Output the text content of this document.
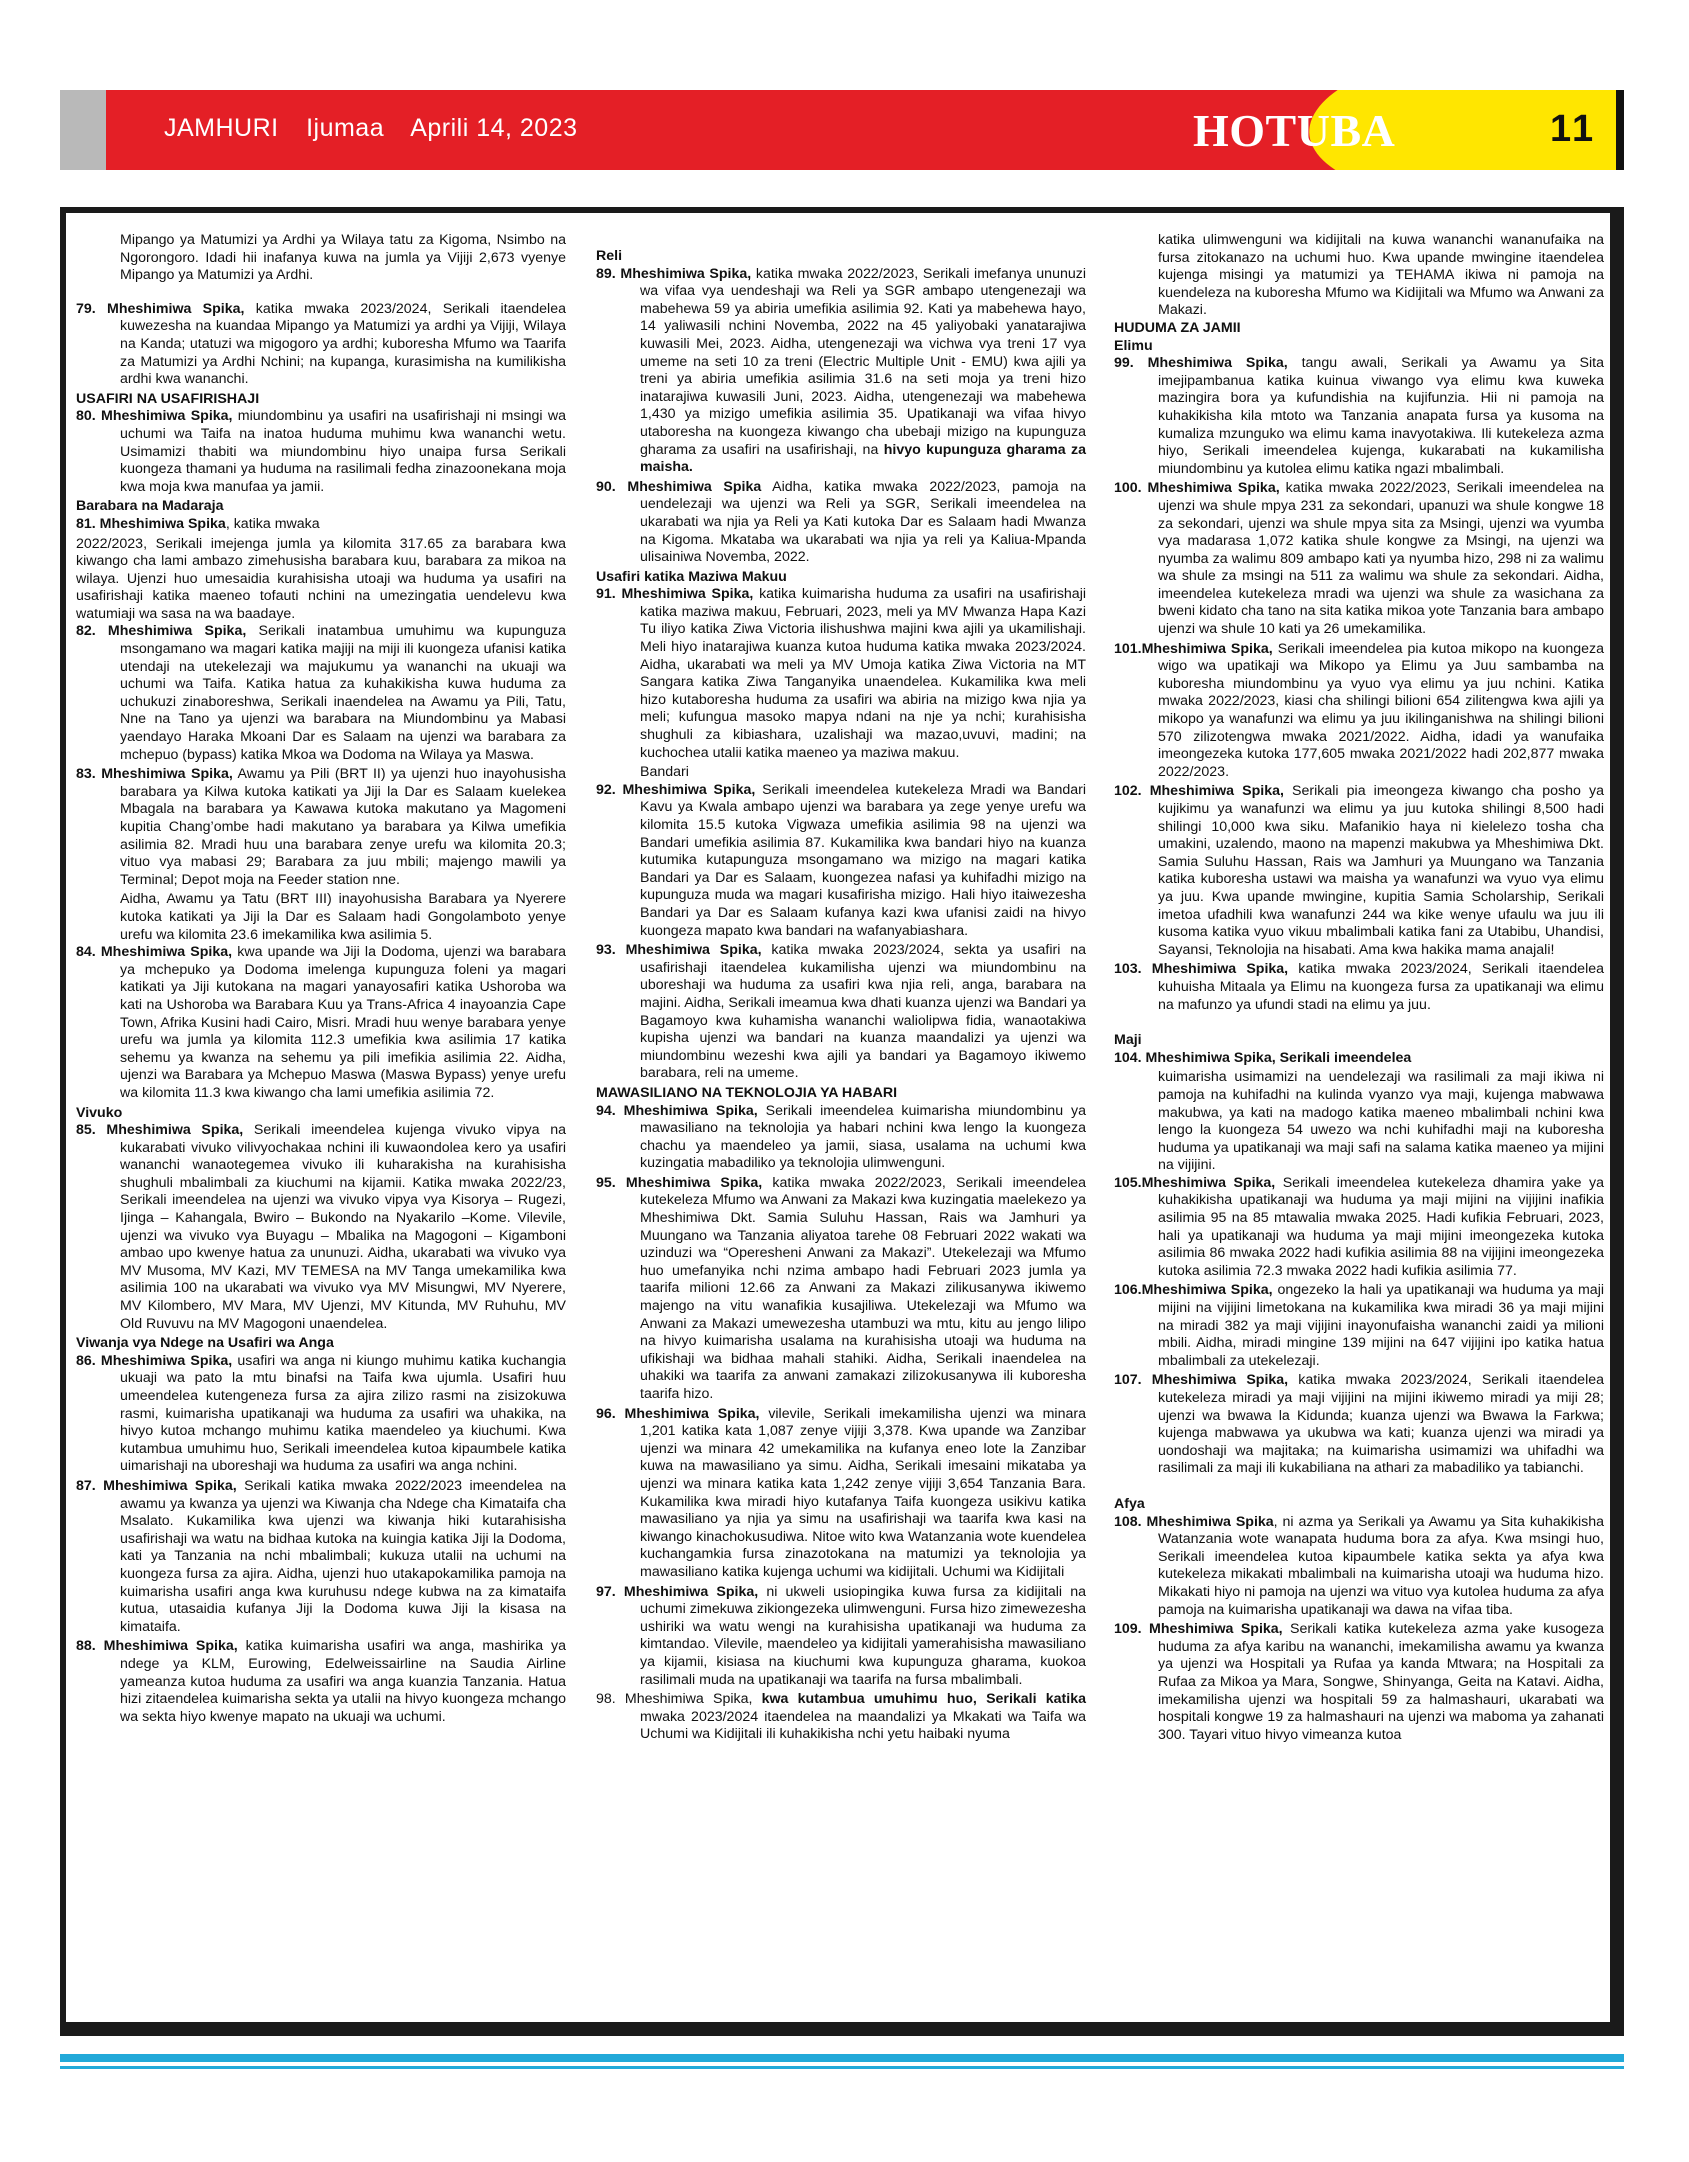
JAMHURI Ijumaa Aprili 14, 2023	HOTUBA	11

Mipango ya Matumizi ya Ardhi ya Wilaya tatu za Kigoma, Nsimbo na Ngorongoro. Idadi hii inafanya kuwa na jumla ya Vijiji 2,673 vyenye Mipango ya Matumizi ya Ardhi.

79. Mheshimiwa Spika, katika mwaka 2023/2024, Serikali itaendelea kuwezesha na kuandaa Mipango ya Matumizi ya ardhi ya Vijiji, Wilaya na Kanda; utatuzi wa migogoro ya ardhi; kuboresha Mfumo wa Taarifa za Matumizi ya Ardhi Nchini; na kupanga, kurasimisha na kumilikisha ardhi kwa wananchi.

USAFIRI NA USAFIRISHAJI

80. Mheshimiwa Spika, miundombinu ya usafiri na usafirishaji ni msingi wa uchumi wa Taifa na inatoa huduma muhimu kwa wananchi wetu. Usimamizi thabiti wa miundombinu hiyo unaipa fursa Serikali kuongeza thamani ya huduma na rasilimali fedha zinazoonekana moja kwa moja kwa manufaa ya jamii.

Barabara na Madaraja

81. Mheshimiwa Spika, katika mwaka

2022/2023, Serikali imejenga jumla ya kilomita 317.65 za barabara kwa kiwango cha lami ambazo zimehusisha barabara kuu, barabara za mikoa na wilaya. Ujenzi huo umesaidia kurahisisha utoaji wa huduma ya usafiri na usafirishaji katika maeneo tofauti nchini na umezingatia uendelevu kwa watumiaji wa sasa na wa baadaye.

82. Mheshimiwa Spika, Serikali inatambua umuhimu wa kupunguza msongamano wa magari katika majiji na miji ili kuongeza ufanisi katika utendaji na utekelezaji wa majukumu ya wananchi na ukuaji wa uchumi wa Taifa. Katika hatua za kuhakikisha kuwa huduma za uchukuzi zinaboreshwa, Serikali inaendelea na Awamu ya Pili, Tatu, Nne na Tano ya ujenzi wa barabara na Miundombinu ya Mabasi yaendayo Haraka Mkoani Dar es Salaam na ujenzi wa barabara za mchepuo (bypass) katika Mkoa wa Dodoma na Wilaya ya Maswa.

83. Mheshimiwa Spika, Awamu ya Pili (BRT II) ya ujenzi huo inayohusisha barabara ya Kilwa kutoka katikati ya Jiji la Dar es Salaam kuelekea Mbagala na barabara ya Kawawa kutoka makutano ya Magomeni kupitia Chang’ombe hadi makutano ya barabara ya Kilwa umefikia asilimia 82. Mradi huu una barabara zenye urefu wa kilomita 20.3; vituo vya mabasi 29; Barabara za juu mbili; majengo mawili ya Terminal; Depot moja na Feeder station nne.

Aidha, Awamu ya Tatu (BRT III) inayohusisha Barabara ya Nyerere kutoka katikati ya Jiji la Dar es Salaam hadi Gongolamboto yenye urefu wa kilomita 23.6 imekamilika kwa asilimia 5.

84. Mheshimiwa Spika, kwa upande wa Jiji la Dodoma, ujenzi wa barabara ya mchepuko ya Dodoma imelenga kupunguza foleni ya magari katikati ya Jiji kutokana na magari yanayosafiri katika Ushoroba wa kati na Ushoroba wa Barabara Kuu ya Trans-Africa 4 inayoanzia Cape Town, Afrika Kusini hadi Cairo, Misri. Mradi huu wenye barabara yenye urefu wa jumla ya kilomita 112.3 umefikia kwa asilimia 17 katika sehemu ya kwanza na sehemu ya pili imefikia asilimia 22. Aidha, ujenzi wa Barabara ya Mchepuo Maswa (Maswa Bypass) yenye urefu wa kilomita 11.3 kwa kiwango cha lami umefikia asilimia 72.

Vivuko

85. Mheshimiwa Spika, Serikali imeendelea kujenga vivuko vipya na kukarabati vivuko vilivyochakaa nchini ili kuwaondolea kero ya usafiri wananchi wanaotegemea vivuko ili kuharakisha na kurahisisha shughuli mbalimbali za kiuchumi na kijamii. Katika mwaka 2022/23, Serikali imeendelea na ujenzi wa vivuko vipya vya Kisorya – Rugezi, Ijinga – Kahangala, Bwiro – Bukondo na Nyakarilo –Kome. Vilevile, ujenzi wa vivuko vya Buyagu – Mbalika na Magogoni – Kigamboni ambao upo kwenye hatua za ununuzi. Aidha, ukarabati wa vivuko vya MV Musoma, MV Kazi, MV TEMESA na MV Tanga umekamilika kwa asilimia 100 na ukarabati wa vivuko vya MV Misungwi, MV Nyerere, MV Kilombero, MV Mara, MV Ujenzi, MV Kitunda, MV Ruhuhu, MV Old Ruvuvu na MV Magogoni unaendelea.

Viwanja vya Ndege na Usafiri wa Anga

86. Mheshimiwa Spika, usafiri wa anga ni kiungo muhimu katika kuchangia ukuaji wa pato la mtu binafsi na Taifa kwa ujumla. Usafiri huu umeendelea kutengeneza fursa za ajira zilizo rasmi na zisizokuwa rasmi, kuimarisha upatikanaji wa huduma za usafiri wa uhakika, na hivyo kutoa mchango muhimu katika maendeleo ya kiuchumi. Kwa kutambua umuhimu huo, Serikali imeendelea kutoa kipaumbele katika uimarishaji na uboreshaji wa huduma za usafiri wa anga nchini.

87. Mheshimiwa Spika, Serikali katika mwaka 2022/2023 imeendelea na awamu ya kwanza ya ujenzi wa Kiwanja cha Ndege cha Kimataifa cha Msalato. Kukamilika kwa ujenzi wa kiwanja hiki kutarahisisha usafirishaji wa watu na bidhaa kutoka na kuingia katika Jiji la Dodoma, kati ya Tanzania na nchi mbalimbali; kukuza utalii na uchumi na kuongeza fursa za ajira. Aidha, ujenzi huo utakapokamilika pamoja na kuimarisha usafiri anga kwa kuruhusu ndege kubwa na za kimataifa kutua, utasaidia kufanya Jiji la Dodoma kuwa Jiji la kisasa na kimataifa.

88. Mheshimiwa Spika, katika kuimarisha usafiri wa anga, mashirika ya ndege ya KLM, Eurowing, Edelweissairline na Saudia Airline yameanza kutoa huduma za usafiri wa anga kuanzia Tanzania. Hatua hizi zitaendelea kuimarisha sekta ya utalii na hivyo kuongeza mchango wa sekta hiyo kwenye mapato na ukuaji wa uchumi.

Reli

89. Mheshimiwa Spika, katika mwaka 2022/2023, Serikali imefanya ununuzi wa vifaa vya uendeshaji wa Reli ya SGR ambapo utengenezaji wa mabehewa 59 ya abiria umefikia asilimia 92. Kati ya mabehewa hayo, 14 yaliwasili nchini Novemba, 2022 na 45 yaliyobaki yanatarajiwa kuwasili Mei, 2023. Aidha, utengenezaji wa vichwa vya treni 17 vya umeme na seti 10 za treni (Electric Multiple Unit - EMU) kwa ajili ya treni ya abiria umefikia asilimia 31.6 na seti moja ya treni hizo inatarajiwa kuwasili Juni, 2023. Aidha, utengenezaji wa mabehewa 1,430 ya mizigo umefikia asilimia 35. Upatikanaji wa vifaa hivyo utaboresha na kuongeza kiwango cha ubebaji mizigo na kupunguza gharama za usafiri na usafirishaji, na hivyo kupunguza gharama za maisha.

90. Mheshimiwa Spika Aidha, katika mwaka 2022/2023, pamoja na uendelezaji wa ujenzi wa Reli ya SGR, Serikali imeendelea na ukarabati wa njia ya Reli ya Kati kutoka Dar es Salaam hadi Mwanza na Kigoma. Mkataba wa ukarabati wa njia ya reli ya Kaliua-Mpanda ulisainiwa Novemba, 2022.

Usafiri katika Maziwa Makuu

91. Mheshimiwa Spika, katika kuimarisha huduma za usafiri na usafirishaji katika maziwa makuu, Februari, 2023, meli ya MV Mwanza Hapa Kazi Tu iliyo katika Ziwa Victoria ilishushwa majini kwa ajili ya ukamilishaji. Meli hiyo inatarajiwa kuanza kutoa huduma katika mwaka 2023/2024. Aidha, ukarabati wa meli ya MV Umoja katika Ziwa Victoria na MT Sangara katika Ziwa Tanganyika unaendelea. Kukamilika kwa meli hizo kutaboresha huduma za usafiri wa abiria na mizigo kwa njia ya meli; kufungua masoko mapya ndani na nje ya nchi; kurahisisha shughuli za kibiashara, uzalishaji wa mazao,uvuvi, madini; na kuchochea utalii katika maeneo ya maziwa makuu.

Bandari

92. Mheshimiwa Spika, Serikali imeendelea kutekeleza Mradi wa Bandari Kavu ya Kwala ambapo ujenzi wa barabara ya zege yenye urefu wa kilomita 15.5 kutoka Vigwaza umefikia asilimia 98 na ujenzi wa Bandari umefikia asilimia 87. Kukamilika kwa bandari hiyo na kuanza kutumika kutapunguza msongamano wa mizigo na magari katika Bandari ya Dar es Salaam, kuongezea nafasi ya kuhifadhi mizigo na kupunguza muda wa magari kusafirisha mizigo. Hali hiyo itaiwezesha Bandari ya Dar es Salaam kufanya kazi kwa ufanisi zaidi na hivyo kuongeza mapato kwa bandari na wafanyabiashara.

93. Mheshimiwa Spika, katika mwaka 2023/2024, sekta ya usafiri na usafirishaji itaendelea kukamilisha ujenzi wa miundombinu na uboreshaji wa huduma za usafiri kwa njia reli, anga, barabara na majini. Aidha, Serikali imeamua kwa dhati kuanza ujenzi wa Bandari ya Bagamoyo kwa kuhamisha wananchi waliolipwa fidia, wanaotakiwa kupisha ujenzi wa bandari na kuanza maandalizi ya ujenzi wa miundombinu wezeshi kwa ajili ya bandari ya Bagamoyo ikiwemo barabara, reli na umeme.

MAWASILIANO NA TEKNOLOJIA YA HABARI

94. Mheshimiwa Spika, Serikali imeendelea kuimarisha miundombinu ya mawasiliano na teknolojia ya habari nchini kwa lengo la kuongeza chachu ya maendeleo ya jamii, siasa, usalama na uchumi kwa kuzingatia mabadiliko ya teknolojia ulimwenguni.

95. Mheshimiwa Spika, katika mwaka 2022/2023, Serikali imeendelea kutekeleza Mfumo wa Anwani za Makazi kwa kuzingatia maelekezo ya Mheshimiwa Dkt. Samia Suluhu Hassan, Rais wa Jamhuri ya Muungano wa Tanzania aliyatoa tarehe 08 Februari 2022 wakati wa uzinduzi wa “Operesheni Anwani za Makazi”. Utekelezaji wa Mfumo huo umefanyika nchi nzima ambapo hadi Februari 2023 jumla ya taarifa milioni 12.66 za Anwani za Makazi zilikusanywa ikiwemo majengo na vitu wanafikia kusajiliwa. Utekelezaji wa Mfumo wa Anwani za Makazi umewezesha utambuzi wa mtu, kitu au jengo lilipo na hivyo kuimarisha usalama na kurahisisha utoaji wa huduma na ufikishaji wa bidhaa mahali stahiki. Aidha, Serikali inaendelea na uhakiki wa taarifa za anwani zamakazi zilizokusanywa ili kuboresha taarifa hizo.

96. Mheshimiwa Spika, vilevile, Serikali imekamilisha ujenzi wa minara 1,201 katika kata 1,087 zenye vijiji 3,378. Kwa upande wa Zanzibar ujenzi wa minara 42 umekamilika na kufanya eneo lote la Zanzibar kuwa na mawasiliano ya simu. Aidha, Serikali imesaini mikataba ya ujenzi wa minara katika kata 1,242 zenye vijiji 3,654 Tanzania Bara. Kukamilika kwa miradi hiyo kutafanya Taifa kuongeza usikivu katika mawasiliano ya njia ya simu na usafirishaji wa taarifa kwa kasi na kiwango kinachokusudiwa. Nitoe wito kwa Watanzania wote kuendelea kuchangamkia fursa zinazotokana na matumizi ya teknolojia ya mawasiliano katika kujenga uchumi wa kidijitali. Uchumi wa Kidijitali

97. Mheshimiwa Spika, ni ukweli usiopingika kuwa fursa za kidijitali na uchumi zimekuwa zikiongezeka ulimwenguni. Fursa hizo zimewezesha ushiriki wa watu wengi na kurahisisha upatikanaji wa huduma za kimtandao. Vilevile, maendeleo ya kidijitali yamerahisisha mawasiliano ya kijamii, kisiasa na kiuchumi kwa kupunguza gharama, kuokoa rasilimali muda na upatikanaji wa taarifa na fursa mbalimbali.

98. Mheshimiwa Spika, kwa kutambua umuhimu huo, Serikali katika mwaka 2023/2024 itaendelea na maandalizi ya Mkakati wa Taifa wa Uchumi wa Kidijitali ili kuhakikisha nchi yetu haibaki nyuma

katika ulimwenguni wa kidijitali na kuwa wananchi wananufaika na fursa zitokanazo na uchumi huo. Kwa upande mwingine itaendelea kujenga misingi ya matumizi ya TEHAMA ikiwa ni pamoja na kuendeleza na kuboresha Mfumo wa Kidijitali wa Mfumo wa Anwani za Makazi.

HUDUMA ZA JAMII

Elimu

99. Mheshimiwa Spika, tangu awali, Serikali ya Awamu ya Sita imejipambanua katika kuinua viwango vya elimu kwa kuweka mazingira bora ya kufundishia na kujifunzia. Hii ni pamoja na kuhakikisha kila mtoto wa Tanzania anapata fursa ya kusoma na kumaliza mzunguko wa elimu kama inavyotakiwa. Ili kutekeleza azma hiyo, Serikali imeendelea kujenga, kukarabati na kukamilisha miundombinu ya kutolea elimu katika ngazi mbalimbali.

100. Mheshimiwa Spika, katika mwaka 2022/2023, Serikali imeendelea na ujenzi wa shule mpya 231 za sekondari, upanuzi wa shule kongwe 18 za sekondari, ujenzi wa shule mpya sita za Msingi, ujenzi wa vyumba vya madarasa 1,072 katika shule kongwe za Msingi, na ujenzi wa nyumba za walimu 809 ambapo kati ya nyumba hizo, 298 ni za walimu wa shule za msingi na 511 za walimu wa shule za sekondari. Aidha, imeendelea kutekeleza mradi wa ujenzi wa shule za wasichana za bweni kidato cha tano na sita katika mikoa yote Tanzania bara ambapo ujenzi wa shule 10 kati ya 26 umekamilika.

101.Mheshimiwa Spika, Serikali imeendelea pia kutoa mikopo na kuongeza wigo wa upatikaji wa Mikopo ya Elimu ya Juu sambamba na kuboresha miundombinu ya vyuo vya elimu ya juu nchini. Katika mwaka 2022/2023, kiasi cha shilingi bilioni 654 zilitengwa kwa ajili ya mikopo ya wanafunzi wa elimu ya juu ikilinganishwa na shilingi bilioni 570 zilizotengwa mwaka 2021/2022. Aidha, idadi ya wanufaika imeongezeka kutoka 177,605 mwaka 2021/2022 hadi 202,877 mwaka 2022/2023.

102. Mheshimiwa Spika, Serikali pia imeongeza kiwango cha posho ya kujikimu ya wanafunzi wa elimu ya juu kutoka shilingi 8,500 hadi shilingi 10,000 kwa siku. Mafanikio haya ni kielelezo tosha cha umakini, uzalendo, maono na mapenzi makubwa ya Mheshimiwa Dkt. Samia Suluhu Hassan, Rais wa Jamhuri ya Muungano wa Tanzania katika kuboresha ustawi wa maisha ya wanafunzi wa vyuo vya elimu ya juu. Kwa upande mwingine, kupitia Samia Scholarship, Serikali imetoa ufadhili kwa wanafunzi 244 wa kike wenye ufaulu wa juu ili kusoma katika vyuo vikuu mbalimbali katika fani za Utabibu, Uhandisi, Sayansi, Teknolojia na hisabati. Ama kwa hakika mama anajali!

103. Mheshimiwa Spika, katika mwaka 2023/2024, Serikali itaendelea kuhuisha Mitaala ya Elimu na kuongeza fursa za upatikanaji wa elimu na mafunzo ya ufundi stadi na elimu ya juu.

Maji

104. Mheshimiwa Spika, Serikali imeendelea

kuimarisha usimamizi na uendelezaji wa rasilimali za maji ikiwa ni pamoja na kuhifadhi na kulinda vyanzo vya maji, kujenga mabwawa makubwa, ya kati na madogo katika maeneo mbalimbali nchini kwa lengo la kuongeza 54 uwezo wa nchi kuhifadhi maji na kuboresha huduma ya upatikanaji wa maji safi na salama katika maeneo ya mijini na vijijini.

105.Mheshimiwa Spika, Serikali imeendelea kutekeleza dhamira yake ya kuhakikisha upatikanaji wa huduma ya maji mijini na vijijini inafikia asilimia 95 na 85 mtawalia mwaka 2025. Hadi kufikia Februari, 2023, hali ya upatikanaji wa huduma ya maji mijini imeongezeka kutoka asilimia 86 mwaka 2022 hadi kufikia asilimia 88 na vijijini imeongezeka kutoka asilimia 72.3 mwaka 2022 hadi kufikia asilimia 77.

106.Mheshimiwa Spika, ongezeko la hali ya upatikanaji wa huduma ya maji mijini na vijijini limetokana na kukamilika kwa miradi 36 ya maji mijini na miradi 382 ya maji vijijini inayonufaisha wananchi zaidi ya milioni mbili. Aidha, miradi mingine 139 mijini na 647 vijijini ipo katika hatua mbalimbali za utekelezaji.

107. Mheshimiwa Spika, katika mwaka 2023/2024, Serikali itaendelea kutekeleza miradi ya maji vijijini na mijini ikiwemo miradi ya miji 28; ujenzi wa bwawa la Kidunda; kuanza ujenzi wa Bwawa la Farkwa; kujenga mabwawa ya ukubwa wa kati; kuanza ujenzi wa miradi ya uondoshaji wa majitaka; na kuimarisha usimamizi wa uhifadhi wa rasilimali za maji ili kukabiliana na athari za mabadiliko ya tabianchi.

Afya

108. Mheshimiwa Spika, ni azma ya Serikali ya Awamu ya Sita kuhakikisha Watanzania wote wanapata huduma bora za afya. Kwa msingi huo, Serikali imeendelea kutoa kipaumbele katika sekta ya afya kwa kutekeleza mikakati mbalimbali na kuimarisha utoaji wa huduma hizo. Mikakati hiyo ni pamoja na ujenzi wa vituo vya kutolea huduma za afya pamoja na kuimarisha upatikanaji wa dawa na vifaa tiba.

109. Mheshimiwa Spika, Serikali katika kutekeleza azma yake kusogeza huduma za afya karibu na wananchi, imekamilisha awamu ya kwanza ya ujenzi wa Hospitali ya Rufaa ya kanda Mtwara; na Hospitali za Rufaa za Mikoa ya Mara, Songwe, Shinyanga, Geita na Katavi. Aidha, imekamilisha ujenzi wa hospitali 59 za halmashauri, ukarabati wa hospitali kongwe 19 za halmashauri na ujenzi wa maboma ya zahanati 300. Tayari vituo hivyo vimeanza kutoa
